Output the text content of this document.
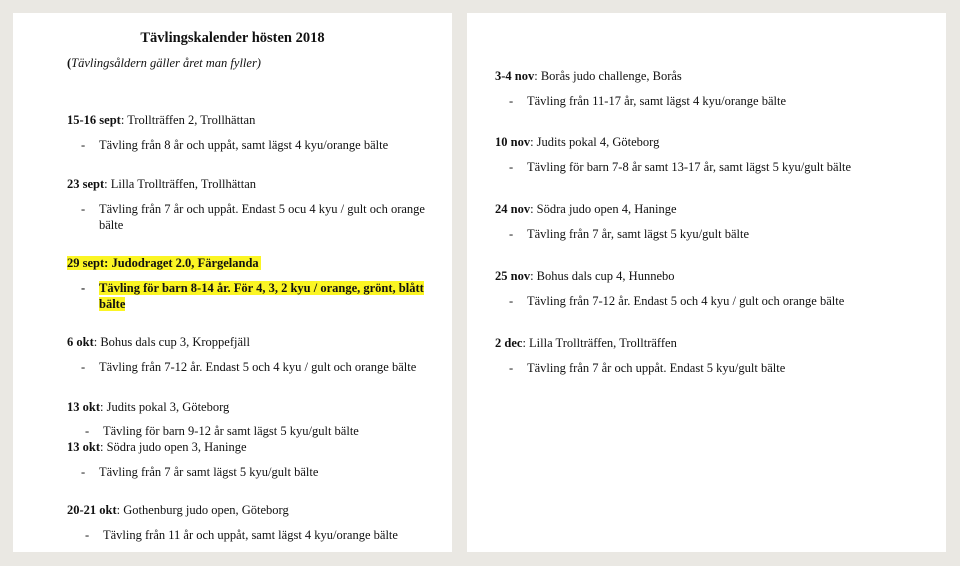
Tävlingskalender hösten 2018
(Tävlingsåldern gäller året man fyller)
15-16 sept: Trollträffen 2, Trollhättan
- Tävling från 8 år och uppåt, samt lägst 4 kyu/orange bälte
23 sept: Lilla Trollträffen, Trollhättan
- Tävling från 7 år och uppåt. Endast 5 ocu 4 kyu / gult och orange bälte
29 sept: Judodraget 2.0, Färgelanda
- Tävling för barn 8-14 år. För 4, 3, 2 kyu / orange, grönt, blått bälte
6 okt: Bohus dals cup 3, Kroppefjäll
- Tävling från 7-12 år. Endast 5 och 4 kyu / gult och orange bälte
13 okt: Judits pokal 3, Göteborg
- Tävling för barn 9-12 år samt lägst 5 kyu/gult bälte
13 okt: Södra judo open 3, Haninge
- Tävling från 7 år samt lägst 5 kyu/gult bälte
20-21 okt: Gothenburg judo open, Göteborg
- Tävling från 11 år och uppåt, samt lägst 4 kyu/orange bälte
3-4 nov: Borås judo challenge, Borås
- Tävling från 11-17 år, samt lägst 4 kyu/orange bälte
10 nov: Judits pokal 4, Göteborg
- Tävling för barn 7-8 år samt 13-17 år, samt lägst 5 kyu/gult bälte
24 nov: Södra judo open 4, Haninge
- Tävling från 7 år, samt lägst 5 kyu/gult bälte
25 nov: Bohus dals cup 4, Hunnebo
- Tävling från 7-12 år. Endast 5 och 4 kyu / gult och orange bälte
2 dec: Lilla Trollträffen, Trollträffen
- Tävling från 7 år och uppåt. Endast 5 kyu/gult bälte
